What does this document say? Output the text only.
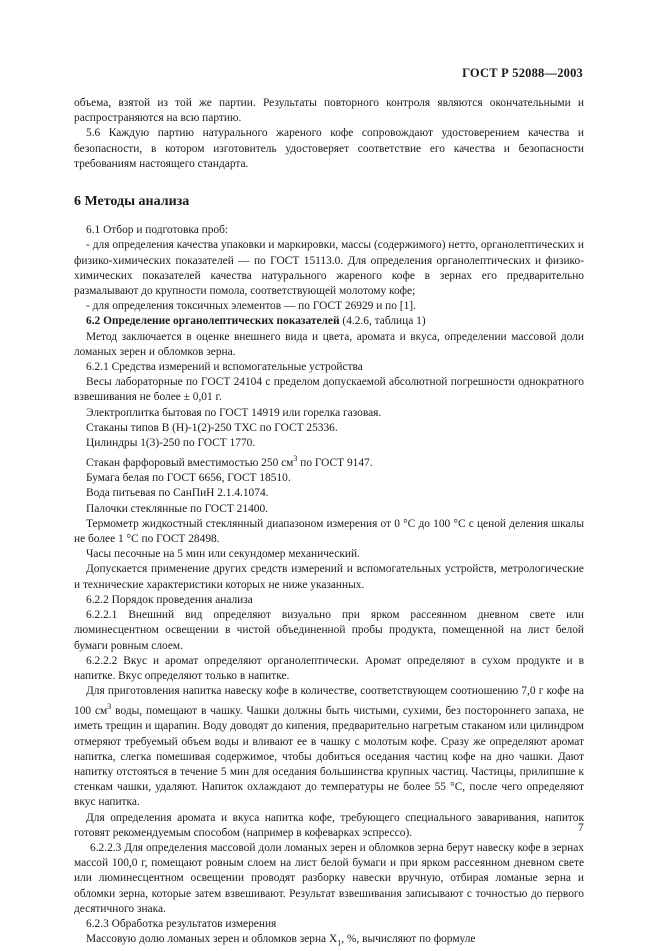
ГОСТ Р 52088—2003

объема, взятой из той же партии. Результаты повторного контроля являются окончательными и распространяются на всю партию.

5.6 Каждую партию натурального жареного кофе сопровождают удостоверением качества и безопасности, в котором изготовитель удостоверяет соответствие его качества и безопасности требованиям настоящего стандарта.

6 Методы анализа

6.1 Отбор и подготовка проб:

- для определения качества упаковки и маркировки, массы (содержимого) нетто, органолептических и физико-химических показателей — по ГОСТ 15113.0. Для определения органолептических и физико-химических показателей качества натурального жареного кофе в зернах его предварительно размалывают до крупности помола, соответствующей молотому кофе;

- для определения токсичных элементов — по ГОСТ 26929 и по [1].

6.2 Определение органолептических показателей (4.2.6, таблица 1)

Метод заключается в оценке внешнего вида и цвета, аромата и вкуса, определении массовой доли ломаных зерен и обломков зерна.

6.2.1 Средства измерений и вспомогательные устройства

Весы лабораторные по ГОСТ 24104 с пределом допускаемой абсолютной погрешности однократного взвешивания не более ± 0,01 г.

Электроплитка бытовая по ГОСТ 14919 или горелка газовая.

Стаканы типов В (Н)-1(2)-250 ТХС по ГОСТ 25336.

Цилиндры 1(3)-250 по ГОСТ 1770.

Стакан фарфоровый вместимостью 250 $см^3$ по ГОСТ 9147.

Бумага белая по ГОСТ 6656, ГОСТ 18510.

Вода питьевая по СанПиН 2.1.4.1074.

Палочки стеклянные по ГОСТ 21400.

Термометр жидкостный стеклянный диапазоном измерения от 0 °С до 100 °С с ценой деления шкалы не более 1 °С по ГОСТ 28498.

Часы песочные на 5 мин или секундомер механический.

Допускается применение других средств измерений и вспомогательных устройств, метрологические и технические характеристики которых не ниже указанных.

6.2.2 Порядок проведения анализа

6.2.2.1 Внешний вид определяют визуально при ярком рассеянном дневном свете или люминесцентном освещении в чистой объединенной пробы продукта, помещенной на лист белой бумаги ровным слоем.

6.2.2.2 Вкус и аромат определяют органолептически. Аромат определяют в сухом продукте и в напитке. Вкус определяют только в напитке.

Для приготовления напитка навеску кофе в количестве, соответствующем соотношению 7,0 г кофе на 100 $см^3$ воды, помещают в чашку. Чашки должны быть чистыми, сухими, без постороннего запаха, не иметь трещин и щарапин. Воду доводят до кипения, предварительно нагретым стаканом или цилиндром отмеряют требуемый объем воды и вливают ее в чашку с молотым кофе. Сразу же определяют аромат напитка, слегка помешивая содержимое, чтобы добиться оседания частиц кофе на дно чашки. Дают напитку отстояться в течение 5 мин для оседания большинства крупных частиц. Частицы, прилипшие к стенкам чашки, удаляют. Напиток охлаждают до температуры не более 55 °С, после чего определяют вкус напитка.

Для определения аромата и вкуса напитка кофе, требующего специального заваривания, напиток готовят рекомендуемым способом (например в кофеварках эспрессо).

6.2.2.3 Для определения массовой доли ломаных зерен и обломков зерна берут навеску кофе в зернах массой 100,0 г, помещают ровным слоем на лист белой бумаги и при ярком рассеянном дневном свете или люминесцентном освещении проводят разборку навески вручную, отбирая ломаные зерна и обломки зерна, которые затем взвешивают. Результат взвешивания записывают с точностью до первого десятичного знака.

6.2.3 Обработка результатов измерения

Массовую долю ломаных зерен и обломков зерна $X_1$, %, вычисляют по формуле

7
